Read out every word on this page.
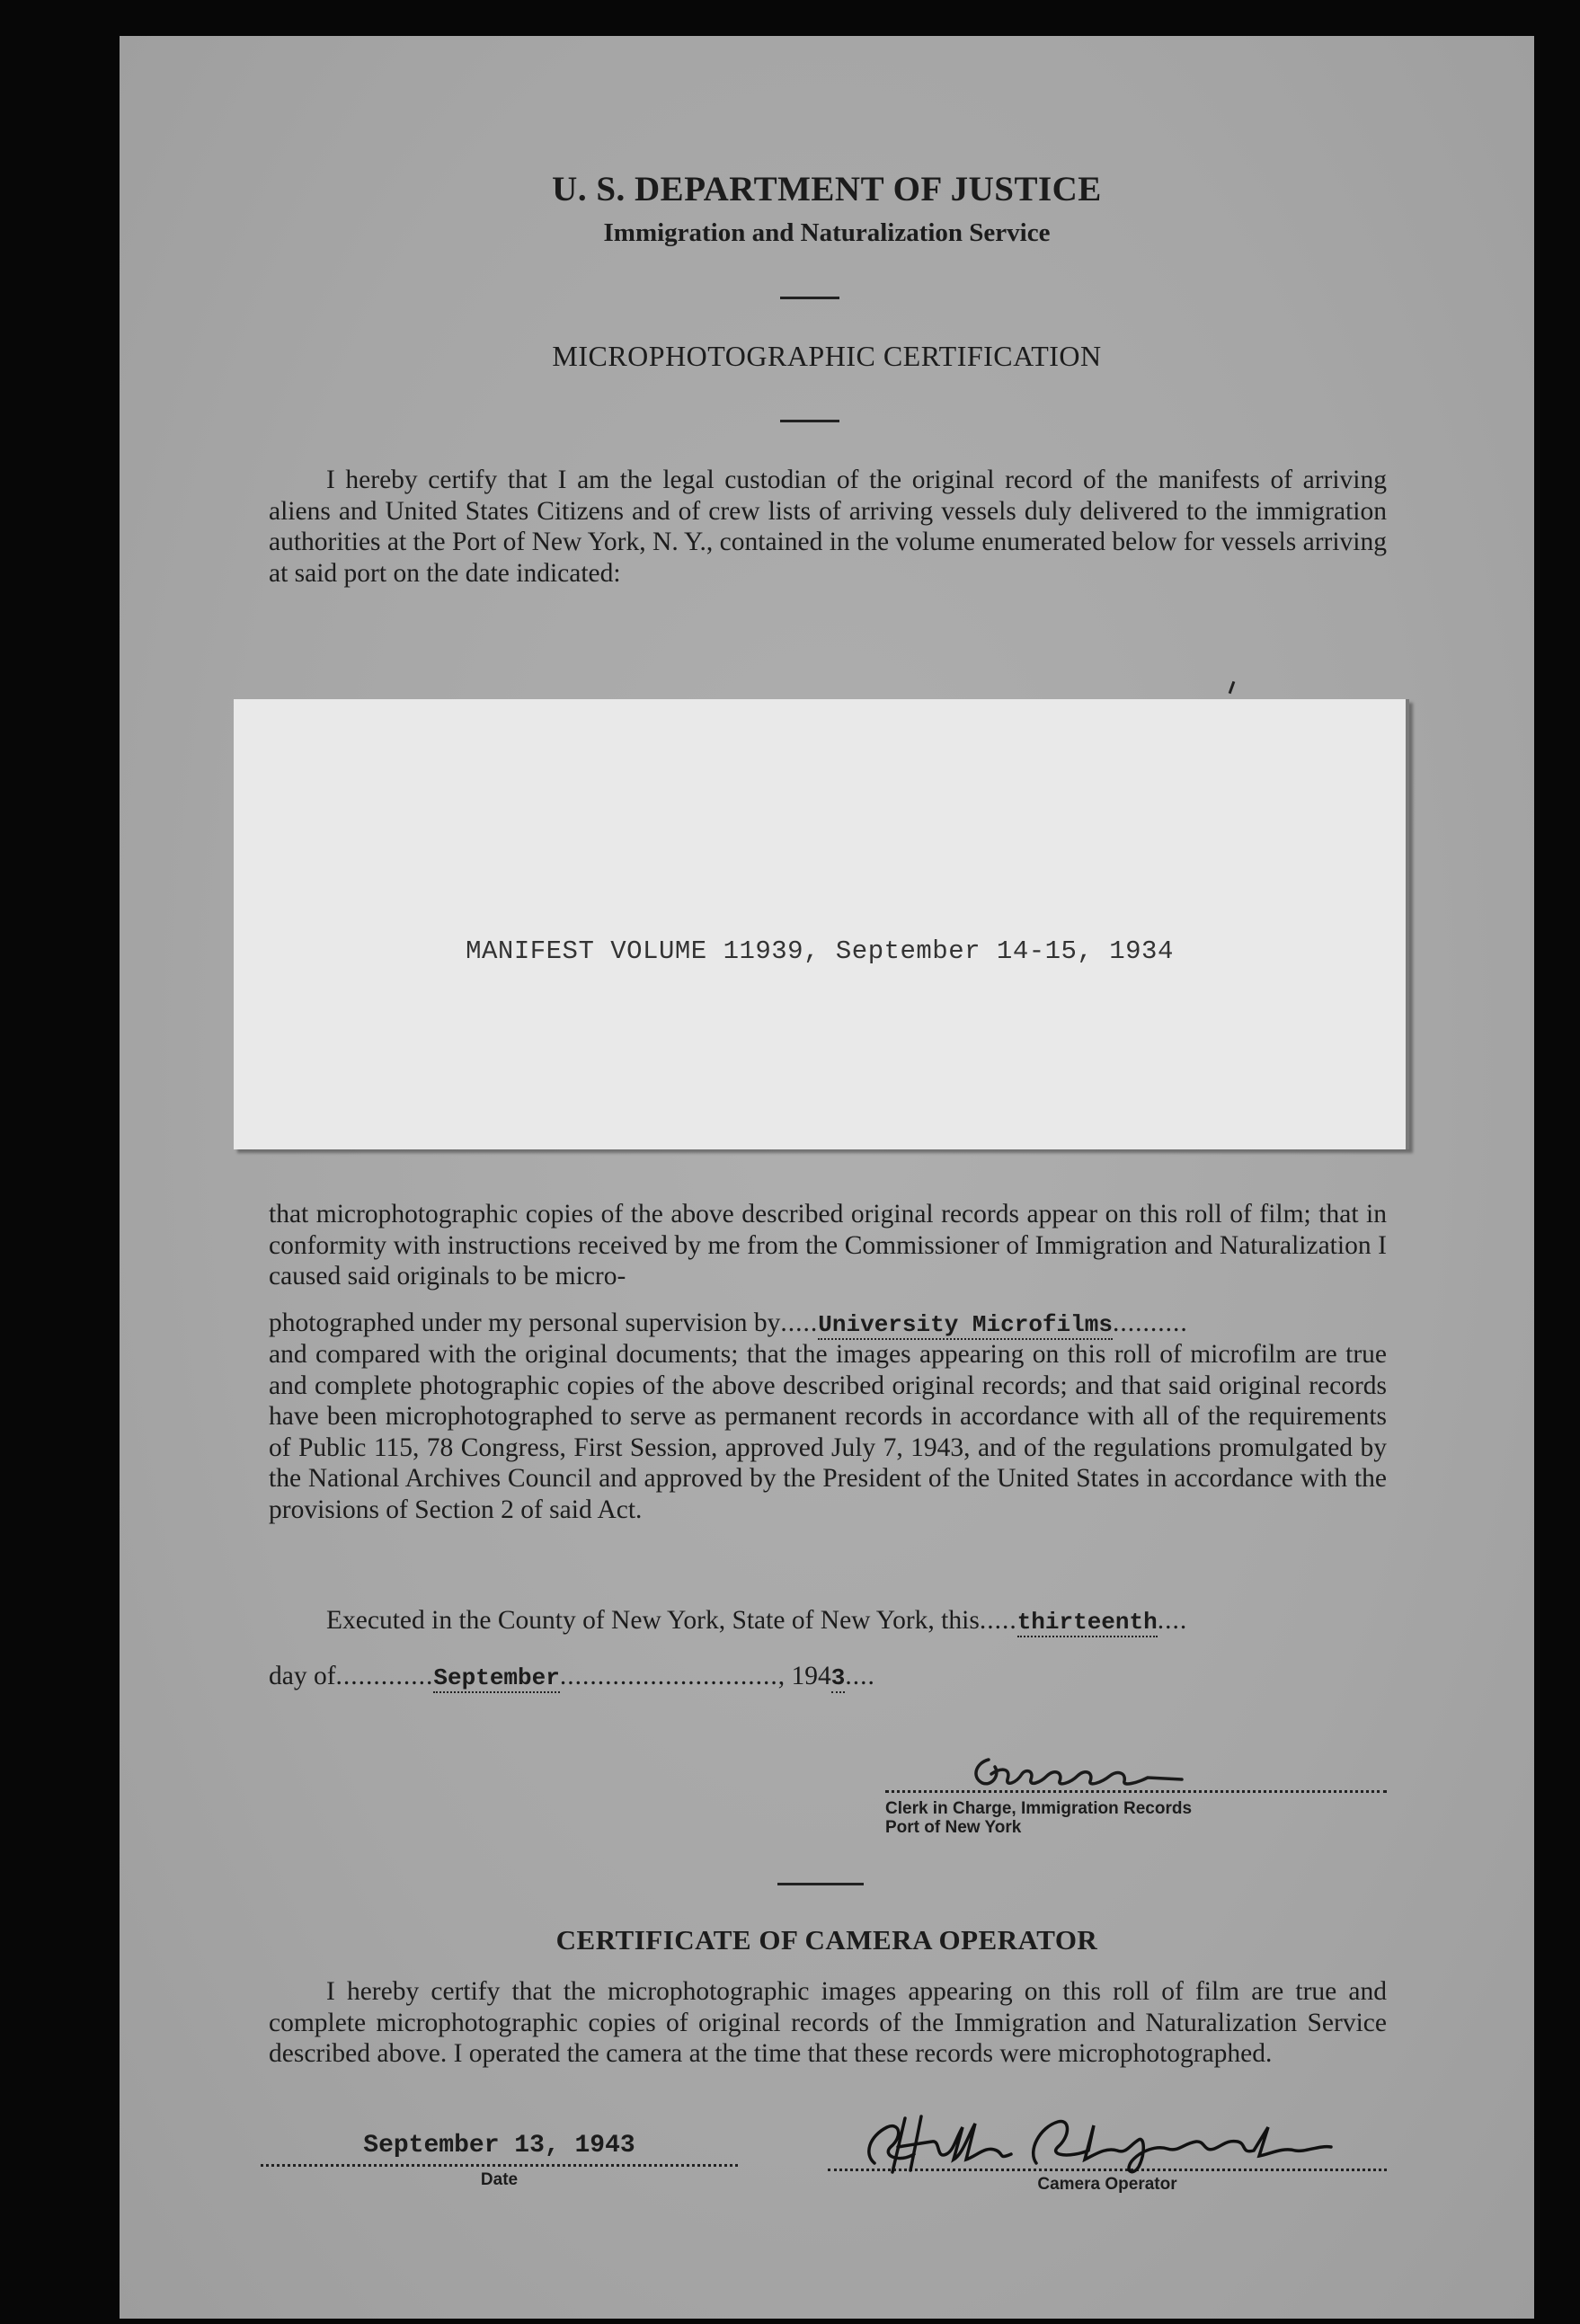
U. S. DEPARTMENT OF JUSTICE
Immigration and Naturalization Service
MICROPHOTOGRAPHIC CERTIFICATION
I hereby certify that I am the legal custodian of the original record of the manifests of arriving aliens and United States Citizens and of crew lists of arriving vessels duly delivered to the immigration authorities at the Port of New York, N. Y., contained in the volume enumerated below for vessels arriving at said port on the date indicated:
MANIFEST VOLUME 11939, September 14-15, 1934
that microphotographic copies of the above described original records appear on this roll of film; that in conformity with instructions received by me from the Commissioner of Immigration and Naturalization I caused said originals to be micro-
photographed under my personal supervision by.....University Microfilms..........
and compared with the original documents; that the images appearing on this roll of microfilm are true and complete photographic copies of the above described original records; and that said original records have been microphotographed to serve as permanent records in accordance with all of the requirements of Public 115, 78 Congress, First Session, approved July 7, 1943, and of the regulations promulgated by the National Archives Council and approved by the President of the United States in accordance with the provisions of Section 2 of said Act.
Executed in the County of New York, State of New York, this.....thirteenth....
day of.............September............................., 1943....
Clerk in Charge, Immigration Records
Port of New York
CERTIFICATE OF CAMERA OPERATOR
I hereby certify that the microphotographic images appearing on this roll of film are true and complete microphotographic copies of original records of the Immigration and Naturalization Service described above. I operated the camera at the time that these records were microphotographed.
September 13, 1943
Date	Camera Operator
